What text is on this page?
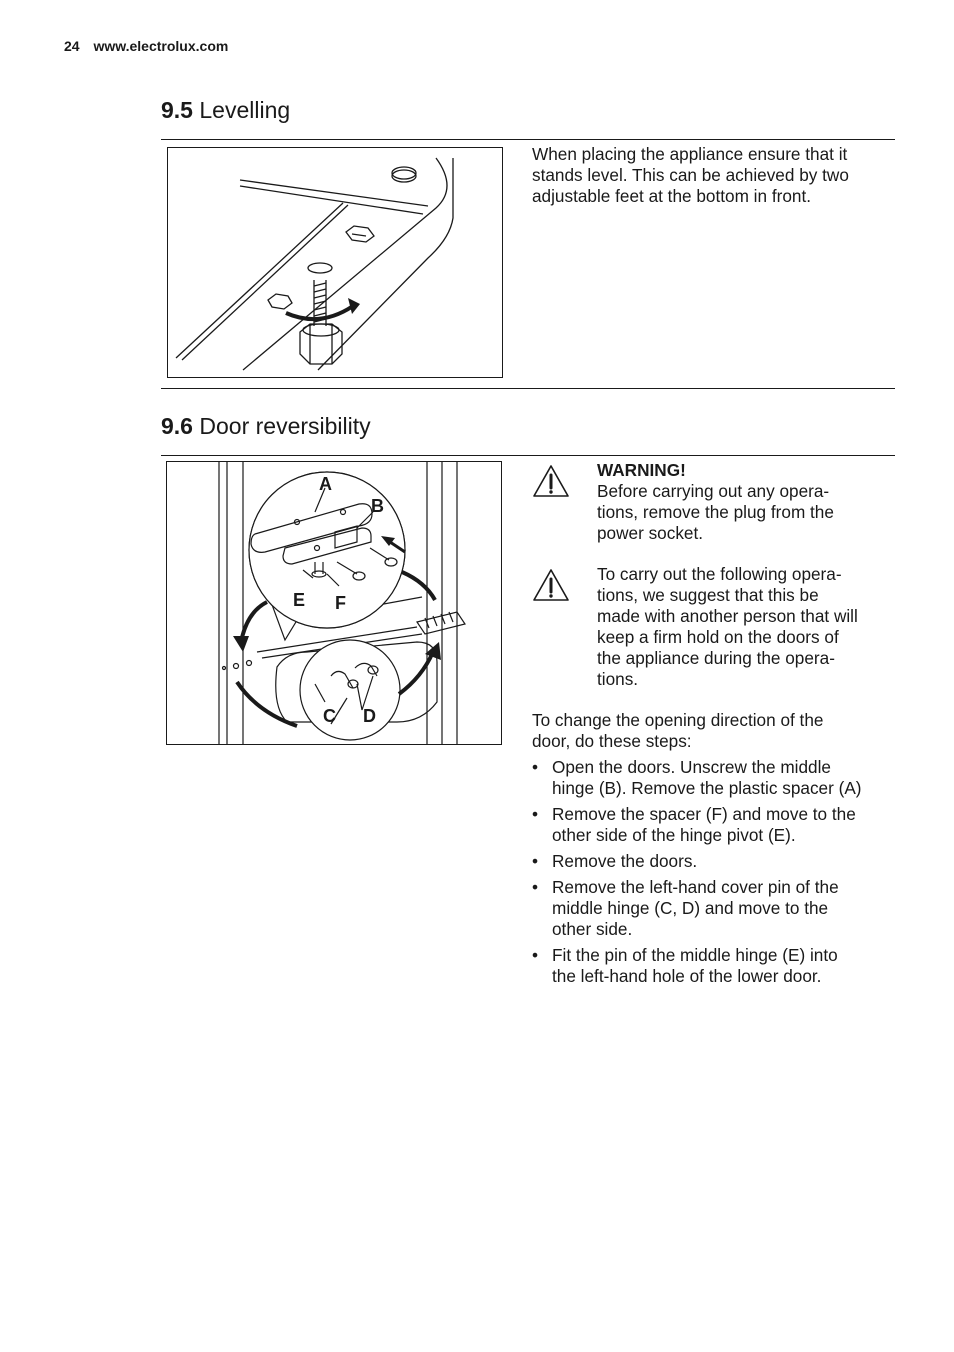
24 www.electrolux.com
9.5 Levelling
When placing the appliance ensure that it stands level. This can be achieved by two adjustable feet at the bottom in front.
9.6 Door reversibility
A
B
E F
C D
WARNING!
Before carrying out any opera-
tions, remove the plug from the
power socket.
To carry out the following opera-
tions, we suggest that this be
made with another person that will
keep a firm hold on the doors of
the appliance during the opera-
tions.
To change the opening direction of the
door, do these steps:
• Open the doors. Unscrew the middle
hinge (B). Remove the plastic spacer (A)
• Remove the spacer (F) and move to the
other side of the hinge pivot (E).
• Remove the doors.
• Remove the left-hand cover pin of the
middle hinge (C, D) and move to the
other side.
• Fit the pin of the middle hinge (E) into
the left-hand hole of the lower door.
